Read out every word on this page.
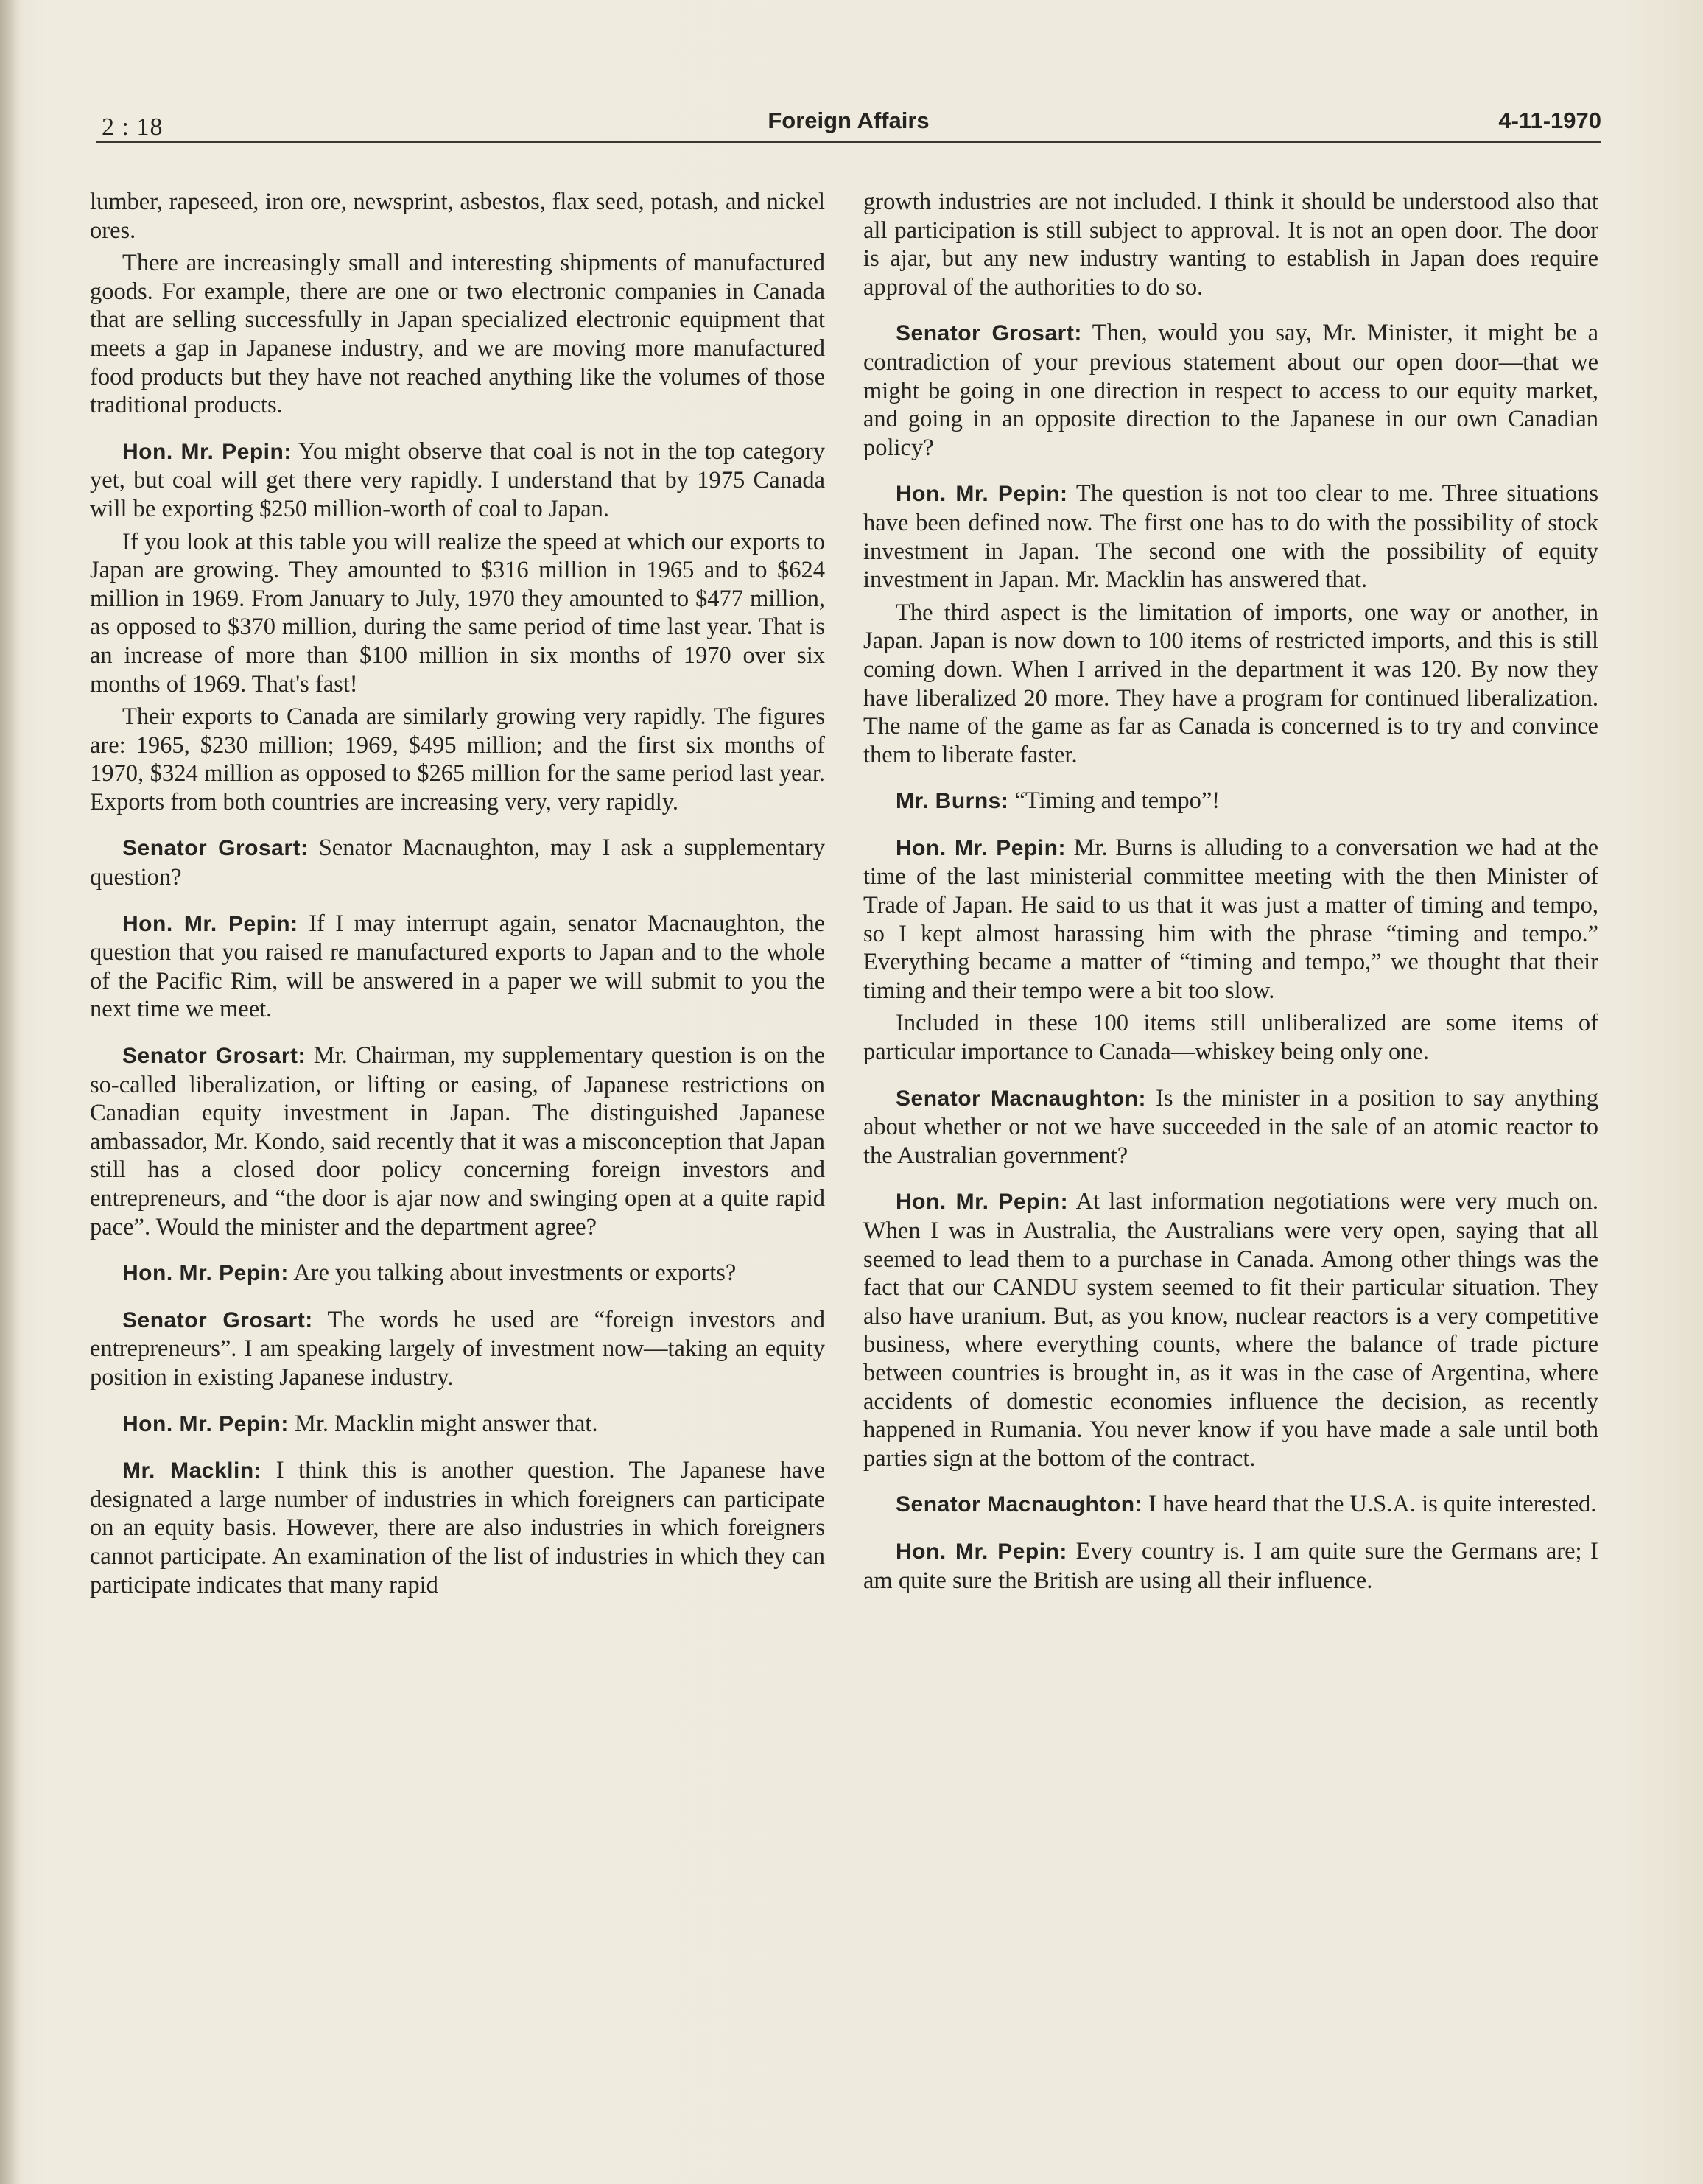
2 : 18	Foreign Affairs	4-11-1970

lumber, rapeseed, iron ore, newsprint, asbestos, flax seed, potash, and nickel ores.

There are increasingly small and interesting shipments of manufactured goods. For example, there are one or two electronic companies in Canada that are selling successfully in Japan specialized electronic equipment that meets a gap in Japanese industry, and we are moving more manufactured food products but they have not reached anything like the volumes of those traditional products.

Hon. Mr. Pepin: You might observe that coal is not in the top category yet, but coal will get there very rapidly. I understand that by 1975 Canada will be exporting $250 million-worth of coal to Japan.

If you look at this table you will realize the speed at which our exports to Japan are growing. They amounted to $316 million in 1965 and to $624 million in 1969. From January to July, 1970 they amounted to $477 million, as opposed to $370 million, during the same period of time last year. That is an increase of more than $100 million in six months of 1970 over six months of 1969. That's fast!

Their exports to Canada are similarly growing very rapidly. The figures are: 1965, $230 million; 1969, $495 million; and the first six months of 1970, $324 million as opposed to $265 million for the same period last year. Exports from both countries are increasing very, very rapidly.

Senator Grosart: Senator Macnaughton, may I ask a supplementary question?

Hon. Mr. Pepin: If I may interrupt again, senator Macnaughton, the question that you raised re manufactured exports to Japan and to the whole of the Pacific Rim, will be answered in a paper we will submit to you the next time we meet.

Senator Grosart: Mr. Chairman, my supplementary question is on the so-called liberalization, or lifting or easing, of Japanese restrictions on Canadian equity investment in Japan. The distinguished Japanese ambassador, Mr. Kondo, said recently that it was a misconception that Japan still has a closed door policy concerning foreign investors and entrepreneurs, and “the door is ajar now and swinging open at a quite rapid pace”. Would the minister and the department agree?

Hon. Mr. Pepin: Are you talking about investments or exports?

Senator Grosart: The words he used are “foreign investors and entrepreneurs”. I am speaking largely of investment now—taking an equity position in existing Japanese industry.

Hon. Mr. Pepin: Mr. Macklin might answer that.

Mr. Macklin: I think this is another question. The Japanese have designated a large number of industries in which foreigners can participate on an equity basis. However, there are also industries in which foreigners cannot participate. An examination of the list of industries in which they can participate indicates that many rapid

growth industries are not included. I think it should be understood also that all participation is still subject to approval. It is not an open door. The door is ajar, but any new industry wanting to establish in Japan does require approval of the authorities to do so.

Senator Grosart: Then, would you say, Mr. Minister, it might be a contradiction of your previous statement about our open door—that we might be going in one direction in respect to access to our equity market, and going in an opposite direction to the Japanese in our own Canadian policy?

Hon. Mr. Pepin: The question is not too clear to me. Three situations have been defined now. The first one has to do with the possibility of stock investment in Japan. The second one with the possibility of equity investment in Japan. Mr. Macklin has answered that.

The third aspect is the limitation of imports, one way or another, in Japan. Japan is now down to 100 items of restricted imports, and this is still coming down. When I arrived in the department it was 120. By now they have liberalized 20 more. They have a program for continued liberalization. The name of the game as far as Canada is concerned is to try and convince them to liberate faster.

Mr. Burns: “Timing and tempo”!

Hon. Mr. Pepin: Mr. Burns is alluding to a conversation we had at the time of the last ministerial committee meeting with the then Minister of Trade of Japan. He said to us that it was just a matter of timing and tempo, so I kept almost harassing him with the phrase “timing and tempo.” Everything became a matter of “timing and tempo,” we thought that their timing and their tempo were a bit too slow.

Included in these 100 items still unliberalized are some items of particular importance to Canada—whiskey being only one.

Senator Macnaughton: Is the minister in a position to say anything about whether or not we have succeeded in the sale of an atomic reactor to the Australian government?

Hon. Mr. Pepin: At last information negotiations were very much on. When I was in Australia, the Australians were very open, saying that all seemed to lead them to a purchase in Canada. Among other things was the fact that our CANDU system seemed to fit their particular situation. They also have uranium. But, as you know, nuclear reactors is a very competitive business, where everything counts, where the balance of trade picture between countries is brought in, as it was in the case of Argentina, where accidents of domestic economies influence the decision, as recently happened in Rumania. You never know if you have made a sale until both parties sign at the bottom of the contract.

Senator Macnaughton: I have heard that the U.S.A. is quite interested.

Hon. Mr. Pepin: Every country is. I am quite sure the Germans are; I am quite sure the British are using all their influence.
